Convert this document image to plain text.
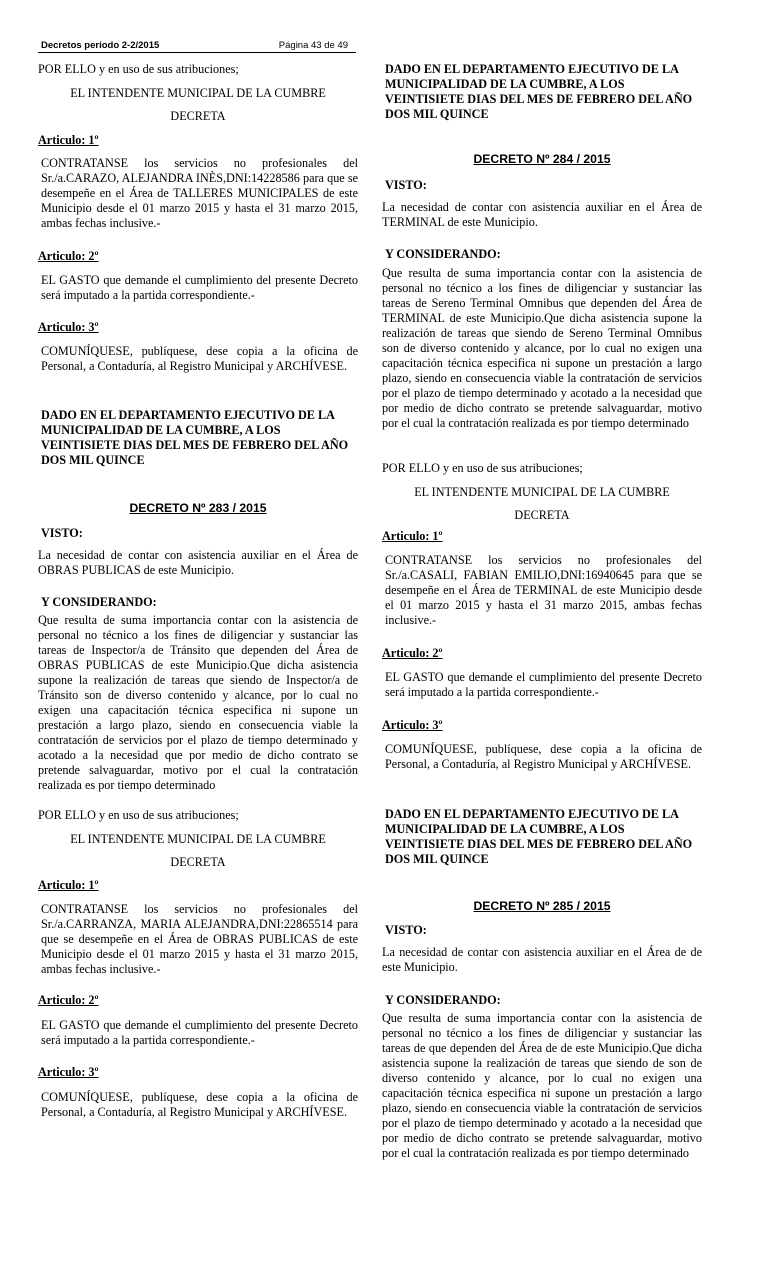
Decretos periodo 2-2/2015	Página 43 de 49
POR ELLO y en uso de sus atribuciones;
EL INTENDENTE MUNICIPAL DE LA CUMBRE
DECRETA
Articulo: 1º
CONTRATANSE los servicios no profesionales del Sr./a.CARAZO, ALEJANDRA INÈS,DNI:14228586 para que se desempeñe en el Área de TALLERES MUNICIPALES de este Municipio desde el 01 marzo 2015 y hasta el 31 marzo 2015, ambas fechas inclusive.-
Articulo: 2º
EL GASTO que demande el cumplimiento del presente Decreto será imputado a la partida correspondiente.-
Articulo: 3º
COMUNÍQUESE, publíquese, dese copia a la oficina de Personal, a Contaduría, al Registro Municipal y ARCHÍVESE.
DADO EN EL DEPARTAMENTO EJECUTIVO DE LA MUNICIPALIDAD DE LA CUMBRE, A LOS VEINTISIETE DIAS DEL MES DE FEBRERO DEL AÑO DOS MIL QUINCE
DECRETO Nº 283 / 2015
VISTO:
La necesidad de contar con asistencia auxiliar en el Área de OBRAS PUBLICAS de este Municipio.
Y CONSIDERANDO:
Que resulta de suma importancia contar con la asistencia de personal no técnico a los fines de diligenciar y sustanciar las tareas de Inspector/a de Tránsito que dependen del Área de OBRAS PUBLICAS de este Municipio.Que dicha asistencia supone la realización de tareas que siendo de Inspector/a de Tránsito son de diverso contenido y alcance, por lo cual no exigen una capacitación técnica especifica ni supone un prestación a largo plazo, siendo en consecuencia viable la contratación de servicios por el plazo de tiempo determinado y acotado a la necesidad que por medio de dicho contrato se pretende salvaguardar, motivo por el cual la contratación realizada es por tiempo determinado
POR ELLO y en uso de sus atribuciones;
EL INTENDENTE MUNICIPAL DE LA CUMBRE
DECRETA
Articulo: 1º
CONTRATANSE los servicios no profesionales del Sr./a.CARRANZA, MARIA ALEJANDRA,DNI:22865514 para que se desempeñe en el Área de OBRAS PUBLICAS de este Municipio desde el 01 marzo 2015 y hasta el 31 marzo 2015, ambas fechas inclusive.-
Articulo: 2º
EL GASTO que demande el cumplimiento del presente Decreto será imputado a la partida correspondiente.-
Articulo: 3º
COMUNÍQUESE, publíquese, dese copia a la oficina de Personal, a Contaduría, al Registro Municipal y ARCHÍVESE.
DADO EN EL DEPARTAMENTO EJECUTIVO DE LA MUNICIPALIDAD DE LA CUMBRE, A LOS VEINTISIETE DIAS DEL MES DE FEBRERO DEL AÑO DOS MIL QUINCE
DECRETO Nº 284 / 2015
VISTO:
La necesidad de contar con asistencia auxiliar en el Área de TERMINAL de este Municipio.
Y CONSIDERANDO:
Que resulta de suma importancia contar con la asistencia de personal no técnico a los fines de diligenciar y sustanciar las tareas de Sereno Terminal Omnibus que dependen del Área de TERMINAL de este Municipio.Que dicha asistencia supone la realización de tareas que siendo de Sereno Terminal Omnibus son de diverso contenido y alcance, por lo cual no exigen una capacitación técnica especifica ni supone un prestación a largo plazo, siendo en consecuencia viable la contratación de servicios por el plazo de tiempo determinado y acotado a la necesidad que por medio de dicho contrato se pretende salvaguardar, motivo por el cual la contratación realizada es por tiempo determinado
POR ELLO y en uso de sus atribuciones;
EL INTENDENTE MUNICIPAL DE LA CUMBRE
DECRETA
Articulo: 1º
CONTRATANSE los servicios no profesionales del Sr./a.CASALI, FABIAN EMILIO,DNI:16940645 para que se desempeñe en el Área de TERMINAL de este Municipio desde el 01 marzo 2015 y hasta el 31 marzo 2015, ambas fechas inclusive.-
Articulo: 2º
EL GASTO que demande el cumplimiento del presente Decreto será imputado a la partida correspondiente.-
Articulo: 3º
COMUNÍQUESE, publíquese, dese copia a la oficina de Personal, a Contaduría, al Registro Municipal y ARCHÍVESE.
DADO EN EL DEPARTAMENTO EJECUTIVO DE LA MUNICIPALIDAD DE LA CUMBRE, A LOS VEINTISIETE DIAS DEL MES DE FEBRERO DEL AÑO DOS MIL QUINCE
DECRETO Nº 285 / 2015
VISTO:
La necesidad de contar con asistencia auxiliar en el Área de de este Municipio.
Y CONSIDERANDO:
Que resulta de suma importancia contar con la asistencia de personal no técnico a los fines de diligenciar y sustanciar las tareas de que dependen del Área de de este Municipio.Que dicha asistencia supone la realización de tareas que siendo de son de diverso contenido y alcance, por lo cual no exigen una capacitación técnica especifica ni supone un prestación a largo plazo, siendo en consecuencia viable la contratación de servicios por el plazo de tiempo determinado y acotado a la necesidad que por medio de dicho contrato se pretende salvaguardar, motivo por el cual la contratación realizada es por tiempo determinado
